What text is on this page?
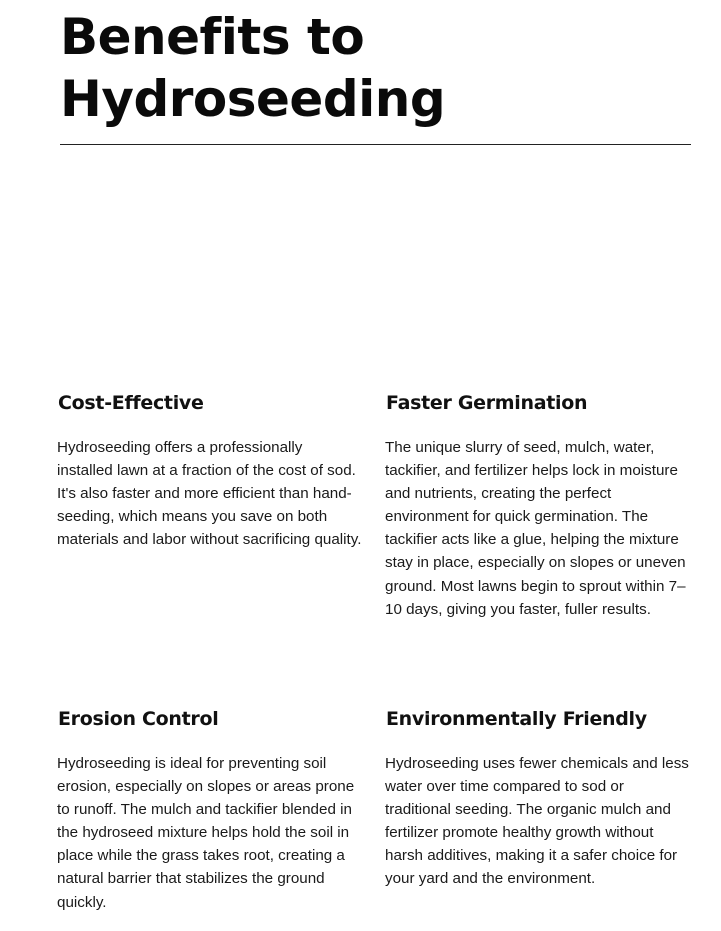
Benefits to Hydroseeding
Cost-Effective

Hydroseeding offers a professionally installed lawn at a fraction of the cost of sod. It's also faster and more efficient than hand-seeding, which means you save on both materials and labor without sacrificing quality.

Faster Germination

The unique slurry of seed, mulch, water, tackifier, and fertilizer helps lock in moisture and nutrients, creating the perfect environment for quick germination. The tackifier acts like a glue, helping the mixture stay in place, especially on slopes or uneven ground. Most lawns begin to sprout within 7–10 days, giving you faster, fuller results.

Erosion Control

Hydroseeding is ideal for preventing soil erosion, especially on slopes or areas prone to runoff. The mulch and tackifier blended in the hydroseed mixture helps hold the soil in place while the grass takes root, creating a natural barrier that stabilizes the ground quickly.

Environmentally Friendly

Hydroseeding uses fewer chemicals and less water over time compared to sod or traditional seeding. The organic mulch and fertilizer promote healthy growth without harsh additives, making it a safer choice for your yard and the environment.
